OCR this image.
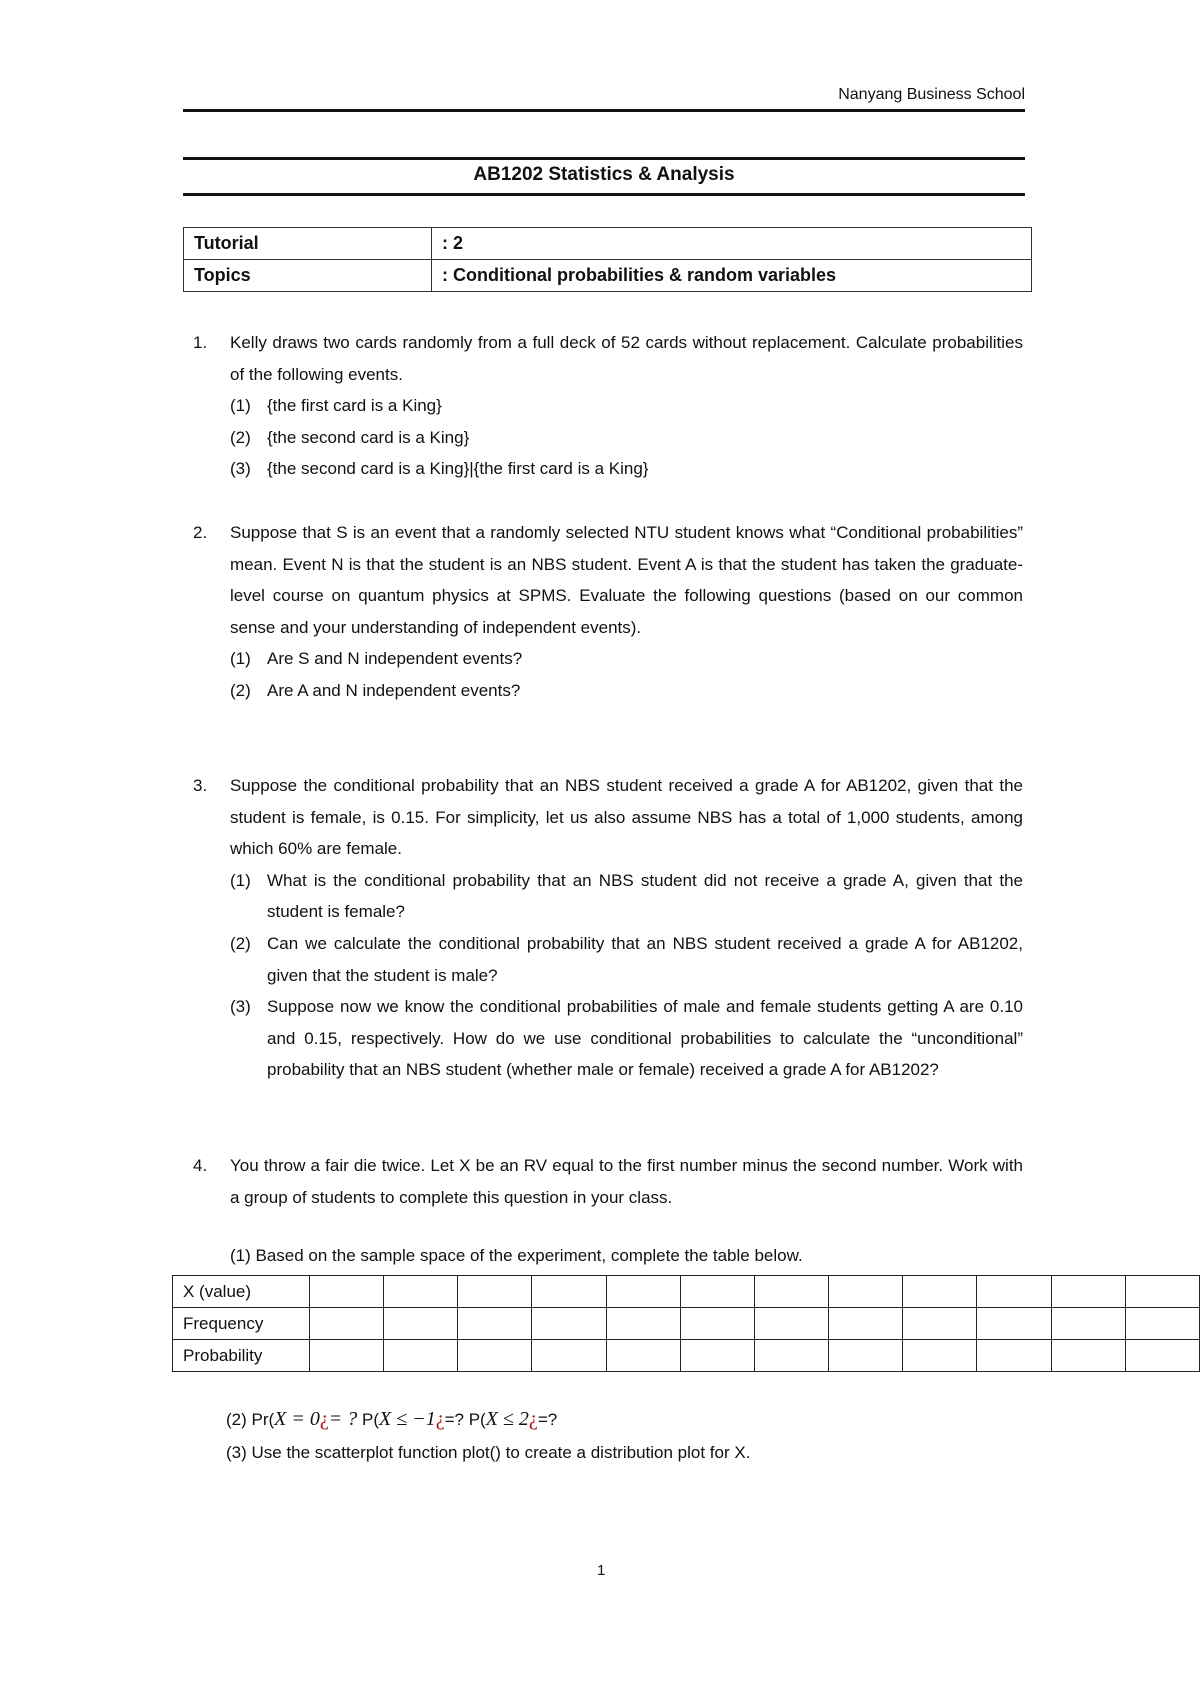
Nanyang Business School
AB1202 Statistics & Analysis
Tutorial	: 2
Topics	: Conditional probabilities & random variables
1. Kelly draws two cards randomly from a full deck of 52 cards without replacement. Calculate probabilities of the following events.
(1) {the first card is a King}
(2) {the second card is a King}
(3) {the second card is a King}|{the first card is a King}
2. Suppose that S is an event that a randomly selected NTU student knows what “Conditional probabilities” mean. Event N is that the student is an NBS student. Event A is that the student has taken the graduate-level course on quantum physics at SPMS. Evaluate the following questions (based on our common sense and your understanding of independent events).
(1) Are S and N independent events?
(2) Are A and N independent events?
3. Suppose the conditional probability that an NBS student received a grade A for AB1202, given that the student is female, is 0.15. For simplicity, let us also assume NBS has a total of 1,000 students, among which 60% are female.
(1) What is the conditional probability that an NBS student did not receive a grade A, given that the student is female?
(2) Can we calculate the conditional probability that an NBS student received a grade A for AB1202, given that the student is male?
(3) Suppose now we know the conditional probabilities of male and female students getting A are 0.10 and 0.15, respectively. How do we use conditional probabilities to calculate the “unconditional” probability that an NBS student (whether male or female) received a grade A for AB1202?
4. You throw a fair die twice. Let X be an RV equal to the first number minus the second number. Work with a group of students to complete this question in your class.
(1) Based on the sample space of the experiment, complete the table below.
X (value)												
Frequency												
Probability												
(2) Pr(X = 0¿= ? P(X ≤ −1¿=? P(X ≤ 2¿=?
(3) Use the scatterplot function plot() to create a distribution plot for X.
1
